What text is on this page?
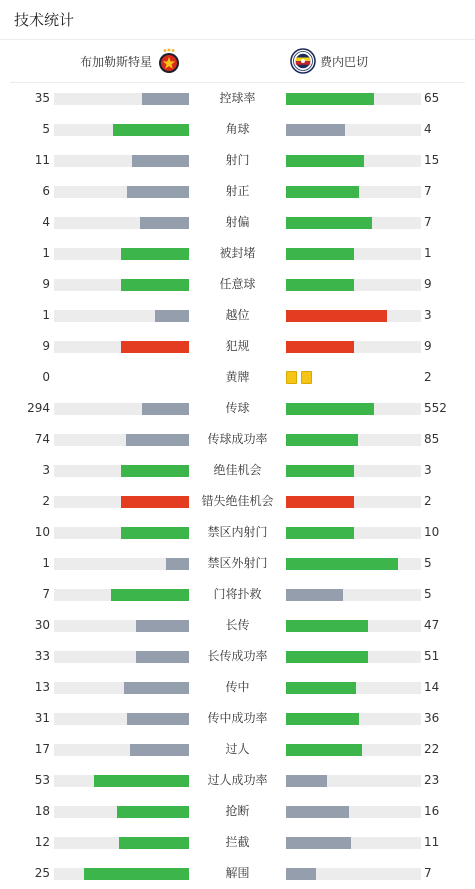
技术统计
布加勒斯特星	费内巴切
35	控球率	65
5	角球	4
11	射门	15
6	射正	7
4	射偏	7
1	被封堵	1
9	任意球	9
1	越位	3
9	犯规	9
0	黄牌	2
294	传球	552
74	传球成功率	85
3	绝佳机会	3
2	错失绝佳机会	2
10	禁区内射门	10
1	禁区外射门	5
7	门将扑救	5
30	长传	47
33	长传成功率	51
13	传中	14
31	传中成功率	36
17	过人	22
53	过人成功率	23
18	抢断	16
12	拦截	11
25	解围	7
